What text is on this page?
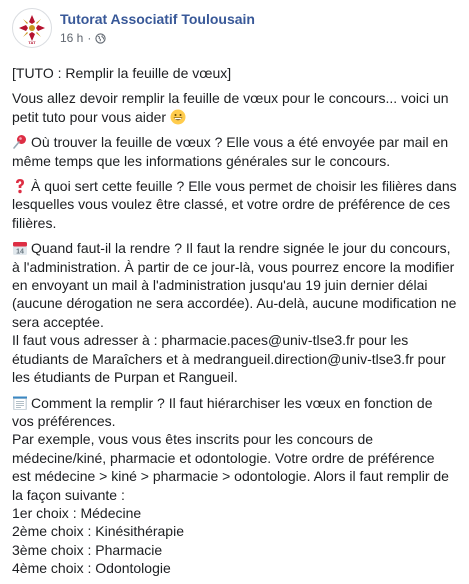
TAT
Tutorat Associatif Toulousain
16 h ·

[TUTO : Remplir la feuille de vœux]

Vous allez devoir remplir la feuille de vœux pour le concours... voici un petit tuto pour vous aider

Où trouver la feuille de vœux ? Elle vous a été envoyée par mail en même temps que les informations générales sur le concours.

À quoi sert cette feuille ? Elle vous permet de choisir les filières dans lesquelles vous voulez être classé, et votre ordre de préférence de ces filières.

14 Quand faut-il la rendre ? Il faut la rendre signée le jour du concours, à l'administration. À partir de ce jour-là, vous pourrez encore la modifier en envoyant un mail à l'administration jusqu'au 19 juin dernier délai (aucune dérogation ne sera accordée). Au-delà, aucune modification ne sera acceptée.
Il faut vous adresser à : pharmacie.paces@univ-tlse3.fr pour les étudiants de Maraîchers et à medrangueil.direction@univ-tlse3.fr pour les étudiants de Purpan et Rangueil.

Comment la remplir ? Il faut hiérarchiser les vœux en fonction de vos préférences.
Par exemple, vous vous êtes inscrits pour les concours de médecine/kiné, pharmacie et odontologie. Votre ordre de préférence est médecine > kiné > pharmacie > odontologie. Alors il faut remplir de la façon suivante :
1er choix : Médecine
2ème choix : Kinésithérapie
3ème choix : Pharmacie
4ème choix : Odontologie
